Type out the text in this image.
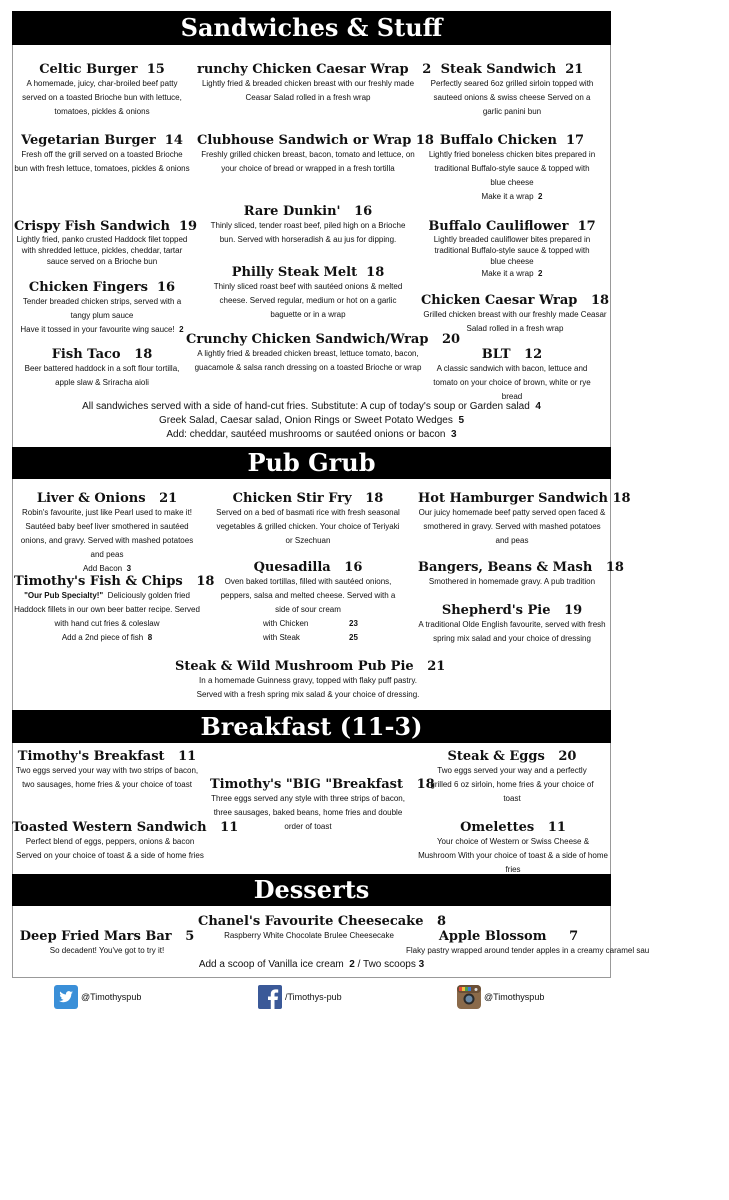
Sandwiches & Stuff
Celtic Burger 15
A homemade, juicy, char-broiled beef patty served on a toasted Brioche bun with lettuce, tomatoes, pickles & onions
runchy Chicken Caesar Wrap 2
Lightly fried & breaded chicken breast with our freshly made Ceasar Salad rolled in a fresh wrap
Steak Sandwich 21
Perfectly seared 6oz grilled sirloin topped with sauteed onions & swiss cheese Served on a garlic panini bun
Vegetarian Burger 14
Fresh off the grill served on a toasted Brioche bun with fresh lettuce, tomatoes, pickles & onions
Clubhouse Sandwich or Wrap 18
Freshly grilled chicken breast, bacon, tomato and lettuce, on your choice of bread or wrapped in a fresh tortilla
Buffalo Chicken 17
Lightly fried boneless chicken bites prepared in traditional Buffalo-style sauce & topped with blue cheese
Make it a wrap 2
Crispy Fish Sandwich 19
Lightly fried, panko crusted Haddock filet topped with shredded lettuce, pickles, cheddar, tartar sauce served on a Brioche bun
Rare Dunkin' 16
Thinly sliced, tender roast beef, piled high on a Brioche bun. Served with horseradish & au jus for dipping.
Buffalo Cauliflower 17
Lightly breaded cauliflower bites prepared in traditional Buffalo-style sauce & topped with blue cheese
Make it a wrap 2
Philly Steak Melt 18
Thinly sliced roast beef with sautéed onions & melted cheese. Served regular, medium or hot on a garlic baguette or in a wrap
Chicken Fingers 16
Tender breaded chicken strips, served with a tangy plum sauce
Have it tossed in your favourite wing sauce! 2
Chicken Caesar Wrap 18
Grilled chicken breast with our freshly made Ceasar Salad rolled in a fresh wrap
Crunchy Chicken Sandwich/Wrap 20
A lightly fried & breaded chicken breast, lettuce tomato, bacon, guacamole & salsa ranch dressing on a toasted Brioche or wrap
Fish Taco 18
Beer battered haddock in a soft flour tortilla, apple slaw & Sriracha aioli
BLT 12
A classic sandwich with bacon, lettuce and tomato on your choice of brown, white or rye bread
All sandwiches served with a side of hand-cut fries. Substitute: A cup of today's soup or Garden salad 4
Greek Salad, Caesar salad, Onion Rings or Sweet Potato Wedges 5
Add: cheddar, sautéed mushrooms or sautéed onions or bacon 3
Pub Grub
Liver & Onions 21
Robin's favourite, just like Pearl used to make it! Sautéed baby beef liver smothered in sautéed onions, and gravy. Served with mashed potatoes and peas
Add Bacon 3
Chicken Stir Fry 18
Served on a bed of basmati rice with fresh seasonal vegetables & grilled chicken. Your choice of Teriyaki or Szechuan
Hot Hamburger Sandwich 18
Our juicy homemade beef patty served open faced & smothered in gravy. Served with mashed potatoes and peas
Quesadilla 16
Oven baked tortillas, filled with sautéed onions, peppers, salsa and melted cheese. Served with a side of sour cream
with Chicken	23
with Steak	25
Bangers, Beans & Mash 18
Smothered in homemade gravy. A pub tradition
Timothy's Fish & Chips 18
"Our Pub Specialty!" Deliciously golden fried Haddock fillets in our own beer batter recipe. Served with hand cut fries & coleslaw
Add a 2nd piece of fish 8
Shepherd's Pie 19
A traditional Olde English favourite, served with fresh spring mix salad and your choice of dressing
Steak & Wild Mushroom Pub Pie 21
In a homemade Guinness gravy, topped with flaky puff pastry. Served with a fresh spring mix salad & your choice of dressing.
Breakfast (11-3)
Timothy's Breakfast 11
Two eggs served your way with two strips of bacon, two sausages, home fries & your choice of toast
Steak & Eggs 20
Two eggs served your way and a perfectly grilled 6 oz sirloin, home fries & your choice of toast
Timothy's "BIG "Breakfast 18
Three eggs served any style with three strips of bacon, three sausages, baked beans, home fries and double order of toast
Toasted Western Sandwich 11
Perfect blend of eggs, peppers, onions & bacon Served on your choice of toast & a side of home fries
Omelettes 11
Your choice of Western or Swiss Cheese & Mushroom With your choice of toast & a side of home fries
Desserts
Chanel's Favourite Cheesecake 8
Raspberry White Chocolate Brulee Cheesecake
Deep Fried Mars Bar 5
So decadent! You've got to try it!
Apple Blossom 7
Flaky pastry wrapped around tender apples in a creamy caramel sau
Add a scoop of Vanilla ice cream 2 / Two scoops 3
@Timothyspub	/Timothys-pub	@Timothyspub
